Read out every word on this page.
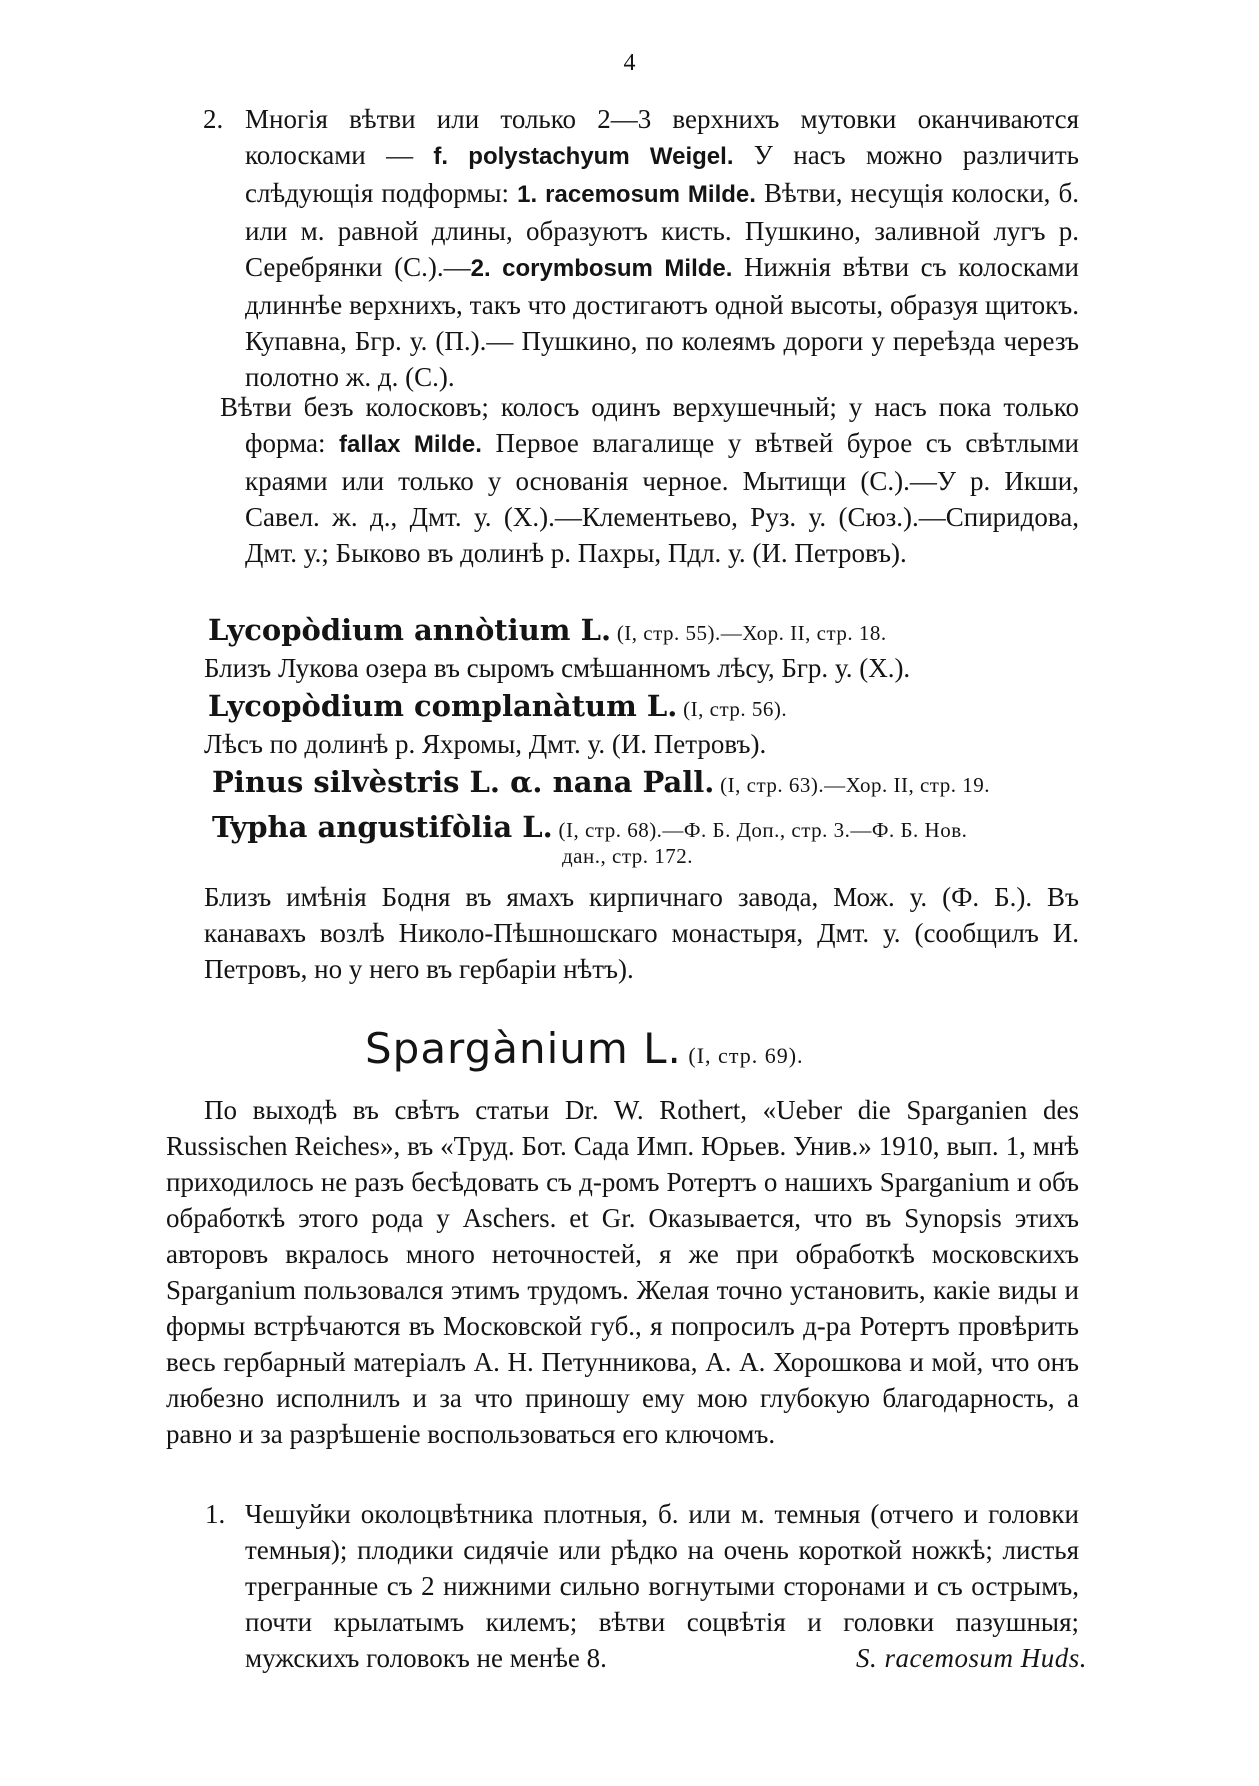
4
2. Многія вѣтви или только 2—3 верхнихъ мутовки оканчиваются колосками — f. polystachyum Weigel. У насъ можно различить слѣдующія подформы: 1. racemosum Milde. Вѣтви, несущія колоски, б. или м. равной длины, образуютъ кисть. Пушкино, заливной лугъ р. Серебрянки (С.).—2. corymbosum Milde. Нижнія вѣтви съ колосками длиннѣе верхнихъ, такъ что достигаютъ одной высоты, образуя щитокъ. Купавна, Бгр. у. (П.).— Пушкино, по колеямъ дороги у переѣзда черезъ полотно ж. д. (С.).
Вѣтви безъ колосковъ; колосъ одинъ верхушечный; у насъ пока только форма: fallax Milde. Первое влагалище у вѣтвей бурое съ свѣтлыми краями или только у основанія черное. Мытищи (С.).—У р. Икши, Савел. ж. д., Дмт. у. (Х.).—Клементьево, Руз. у. (Сюз.).—Спиридова, Дмт. у.; Быково въ долинѣ р. Пахры, Пдл. у. (И. Петровъ).
Lycopòdium annòtium L. (I, стр. 55).—Хор. II, стр. 18.
Близъ Лукова озера въ сыромъ смѣшанномъ лѣсу, Бгр. у. (Х.).
Lycopòdium complanàtum L. (I, стр. 56).
Лѣсъ по долинѣ р. Яхромы, Дмт. у. (И. Петровъ).
Pinus silvèstris L. α. nana Pall. (I, стр. 63).—Хор. II, стр. 19.
Typha angustifòlia L. (I, стр. 68).—Ф. Б. Доп., стр. 3.—Ф. Б. Нов.
дан., стр. 172.
Близъ имѣнія Бодня въ ямахъ кирпичнаго завода, Мож. у. (Ф. Б.). Въ канавахъ возлѣ Николо-Пѣшношскаго монастыря, Дмт. у. (сообщилъ И. Петровъ, но у него въ гербаріи нѣтъ).
Spargànium L. (I, стр. 69).
По выходѣ въ свѣтъ статьи Dr. W. Rothert, «Ueber die Sparganien des Russischen Reiches», въ «Труд. Бот. Сада Имп. Юрьев. Унив.» 1910, вып. 1, мнѣ приходилось не разъ бесѣдовать съ д-ромъ Ротертъ о нашихъ Sparganium и объ обработкѣ этого рода у Aschers. et Gr. Оказывается, что въ Synopsis этихъ авторовъ вкралось много неточностей, я же при обработкѣ московскихъ Sparganium пользовался этимъ трудомъ. Желая точно установить, какіе виды и формы встрѣчаются въ Московской губ., я попросилъ д-ра Ротертъ провѣрить весь гербарный матеріалъ А. Н. Петунникова, А. А. Хорошкова и мой, что онъ любезно исполнилъ и за что приношу ему мою глубокую благодарность, а равно и за разрѣшеніе воспользоваться его ключомъ.
1. Чешуйки околоцвѣтника плотныя, б. или м. темныя (отчего и головки темныя); плодики сидячіе или рѣдко на очень короткой ножкѣ; листья трегранные съ 2 нижними сильно вогнутыми сторонами и съ острымъ, почти крылатымъ килемъ; вѣтви соцвѣтія и головки пазушныя; мужскихъ головокъ не менѣе 8.	S. racemosum Huds.
